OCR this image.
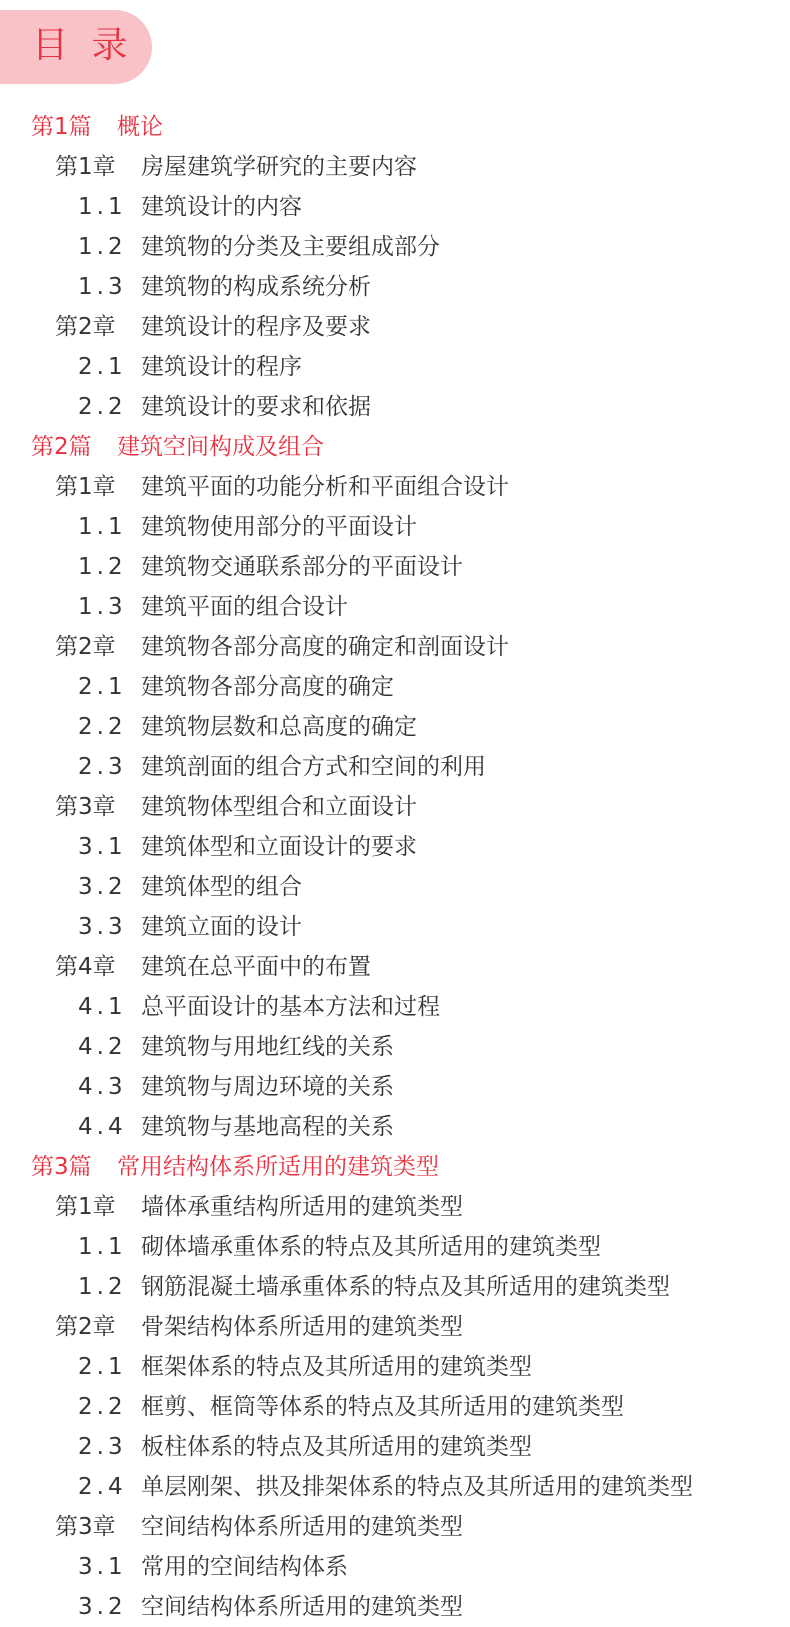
目 录
第1篇 概论
第1章 房屋建筑学研究的主要内容
1.1 建筑设计的内容
1.2 建筑物的分类及主要组成部分
1.3 建筑物的构成系统分析
第2章 建筑设计的程序及要求
2.1 建筑设计的程序
2.2 建筑设计的要求和依据
第2篇 建筑空间构成及组合
第1章 建筑平面的功能分析和平面组合设计
1.1 建筑物使用部分的平面设计
1.2 建筑物交通联系部分的平面设计
1.3 建筑平面的组合设计
第2章 建筑物各部分高度的确定和剖面设计
2.1 建筑物各部分高度的确定
2.2 建筑物层数和总高度的确定
2.3 建筑剖面的组合方式和空间的利用
第3章 建筑物体型组合和立面设计
3.1 建筑体型和立面设计的要求
3.2 建筑体型的组合
3.3 建筑立面的设计
第4章 建筑在总平面中的布置
4.1 总平面设计的基本方法和过程
4.2 建筑物与用地红线的关系
4.3 建筑物与周边环境的关系
4.4 建筑物与基地高程的关系
第3篇 常用结构体系所适用的建筑类型
第1章 墙体承重结构所适用的建筑类型
1.1 砌体墙承重体系的特点及其所适用的建筑类型
1.2 钢筋混凝土墙承重体系的特点及其所适用的建筑类型
第2章 骨架结构体系所适用的建筑类型
2.1 框架体系的特点及其所适用的建筑类型
2.2 框剪、框筒等体系的特点及其所适用的建筑类型
2.3 板柱体系的特点及其所适用的建筑类型
2.4 单层刚架、拱及排架体系的特点及其所适用的建筑类型
第3章 空间结构体系所适用的建筑类型
3.1 常用的空间结构体系
3.2 空间结构体系所适用的建筑类型
